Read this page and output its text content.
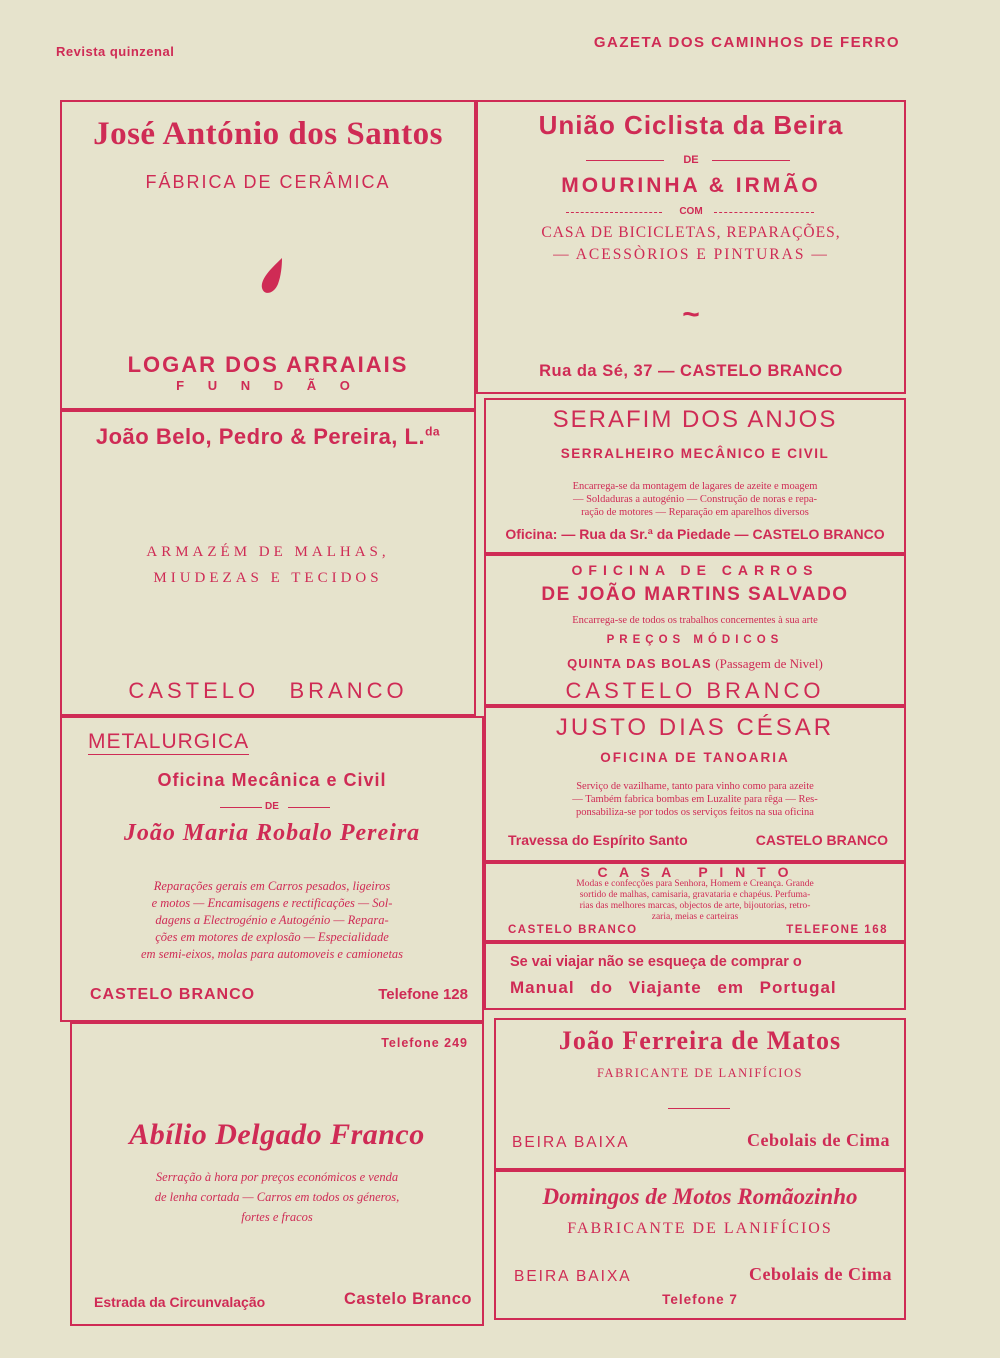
Revista quinzenal
GAZETA DOS CAMINHOS DE FERRO
José António dos Santos
FÁBRICA DE CERÂMICA
LOGAR DOS ARRAIAIS
F U N D Ã O
União Ciclista da Beira
DE
MOURINHA & IRMÃO
COM
CASA DE BICICLETAS, REPARAÇÕES,
— ACESSÒRIOS E PINTURAS —
~
Rua da Sé, 37 — CASTELO BRANCO
João Belo, Pedro & Pereira, L.$^{da}$
ARMAZÉM DE MALHAS,
MIUDEZAS E TECIDOS
CASTELO   BRANCO
SERAFIM DOS ANJOS
SERRALHEIRO MECÂNICO E CIVIL
Encarrega-se da montagem de lagares de azeite e moagem
— Soldaduras a autogénio — Construção de noras e repa-
ração de motores — Reparação em aparelhos diversos
Oficina: — Rua da Sr.ª da Piedade — CASTELO BRANCO
OFICINA DE CARROS
DE JOÃO MARTINS SALVADO
Encarrega-se de todos os trabalhos concernentes à sua arte
PREÇOS MÓDICOS
QUINTA DAS BOLAS (Passagem de Nivel)
CASTELO BRANCO
METALURGICA
Oficina Mecânica e Civil
DE
João Maria Robalo Pereira
Reparações gerais em Carros pesados, ligeiros
e motos — Encamisagens e rectificações — Sol-
dagens a Electrogénio e Autogénio — Repara-
ções em motores de explosão — Especialidade
em semi-eixos, molas para automoveis e camionetas
CASTELO BRANCO	Telefone 128
JUSTO DIAS CÉSAR
OFICINA DE TANOARIA
Serviço de vazilhame, tanto para vinho como para azeite
— Também fabrica bombas em Luzalite para rêga — Res-
ponsabiliza-se por todos os serviços feitos na sua oficina
Travessa do Espírito Santo	CASTELO BRANCO
C A S A   P I N T O
Modas e confecções para Senhora, Homem e Creança. Grande
sortido de malhas, camisaria, gravataria e chapéus. Perfuma-
rias das melhores marcas, objectos de arte, bijoutorias, retro-
zaria, meias e carteiras
CASTELO BRANCO	TELEFONE 168
Se vai viajar não se esqueça de comprar o
Manual do Viajante em Portugal
Telefone 249
Abílio Delgado Franco
Serração à hora por preços económicos e venda
de lenha cortada — Carros em todos os géneros,
fortes e fracos
Estrada da Circunvalação	Castelo Branco
João Ferreira de Matos
FABRICANTE DE LANIFÍCIOS
BEIRA BAIXA	Cebolais de Cima
Domingos de Motos Romãozinho
FABRICANTE DE LANIFÍCIOS
BEIRA BAIXA	Cebolais de Cima
Telefone 7
